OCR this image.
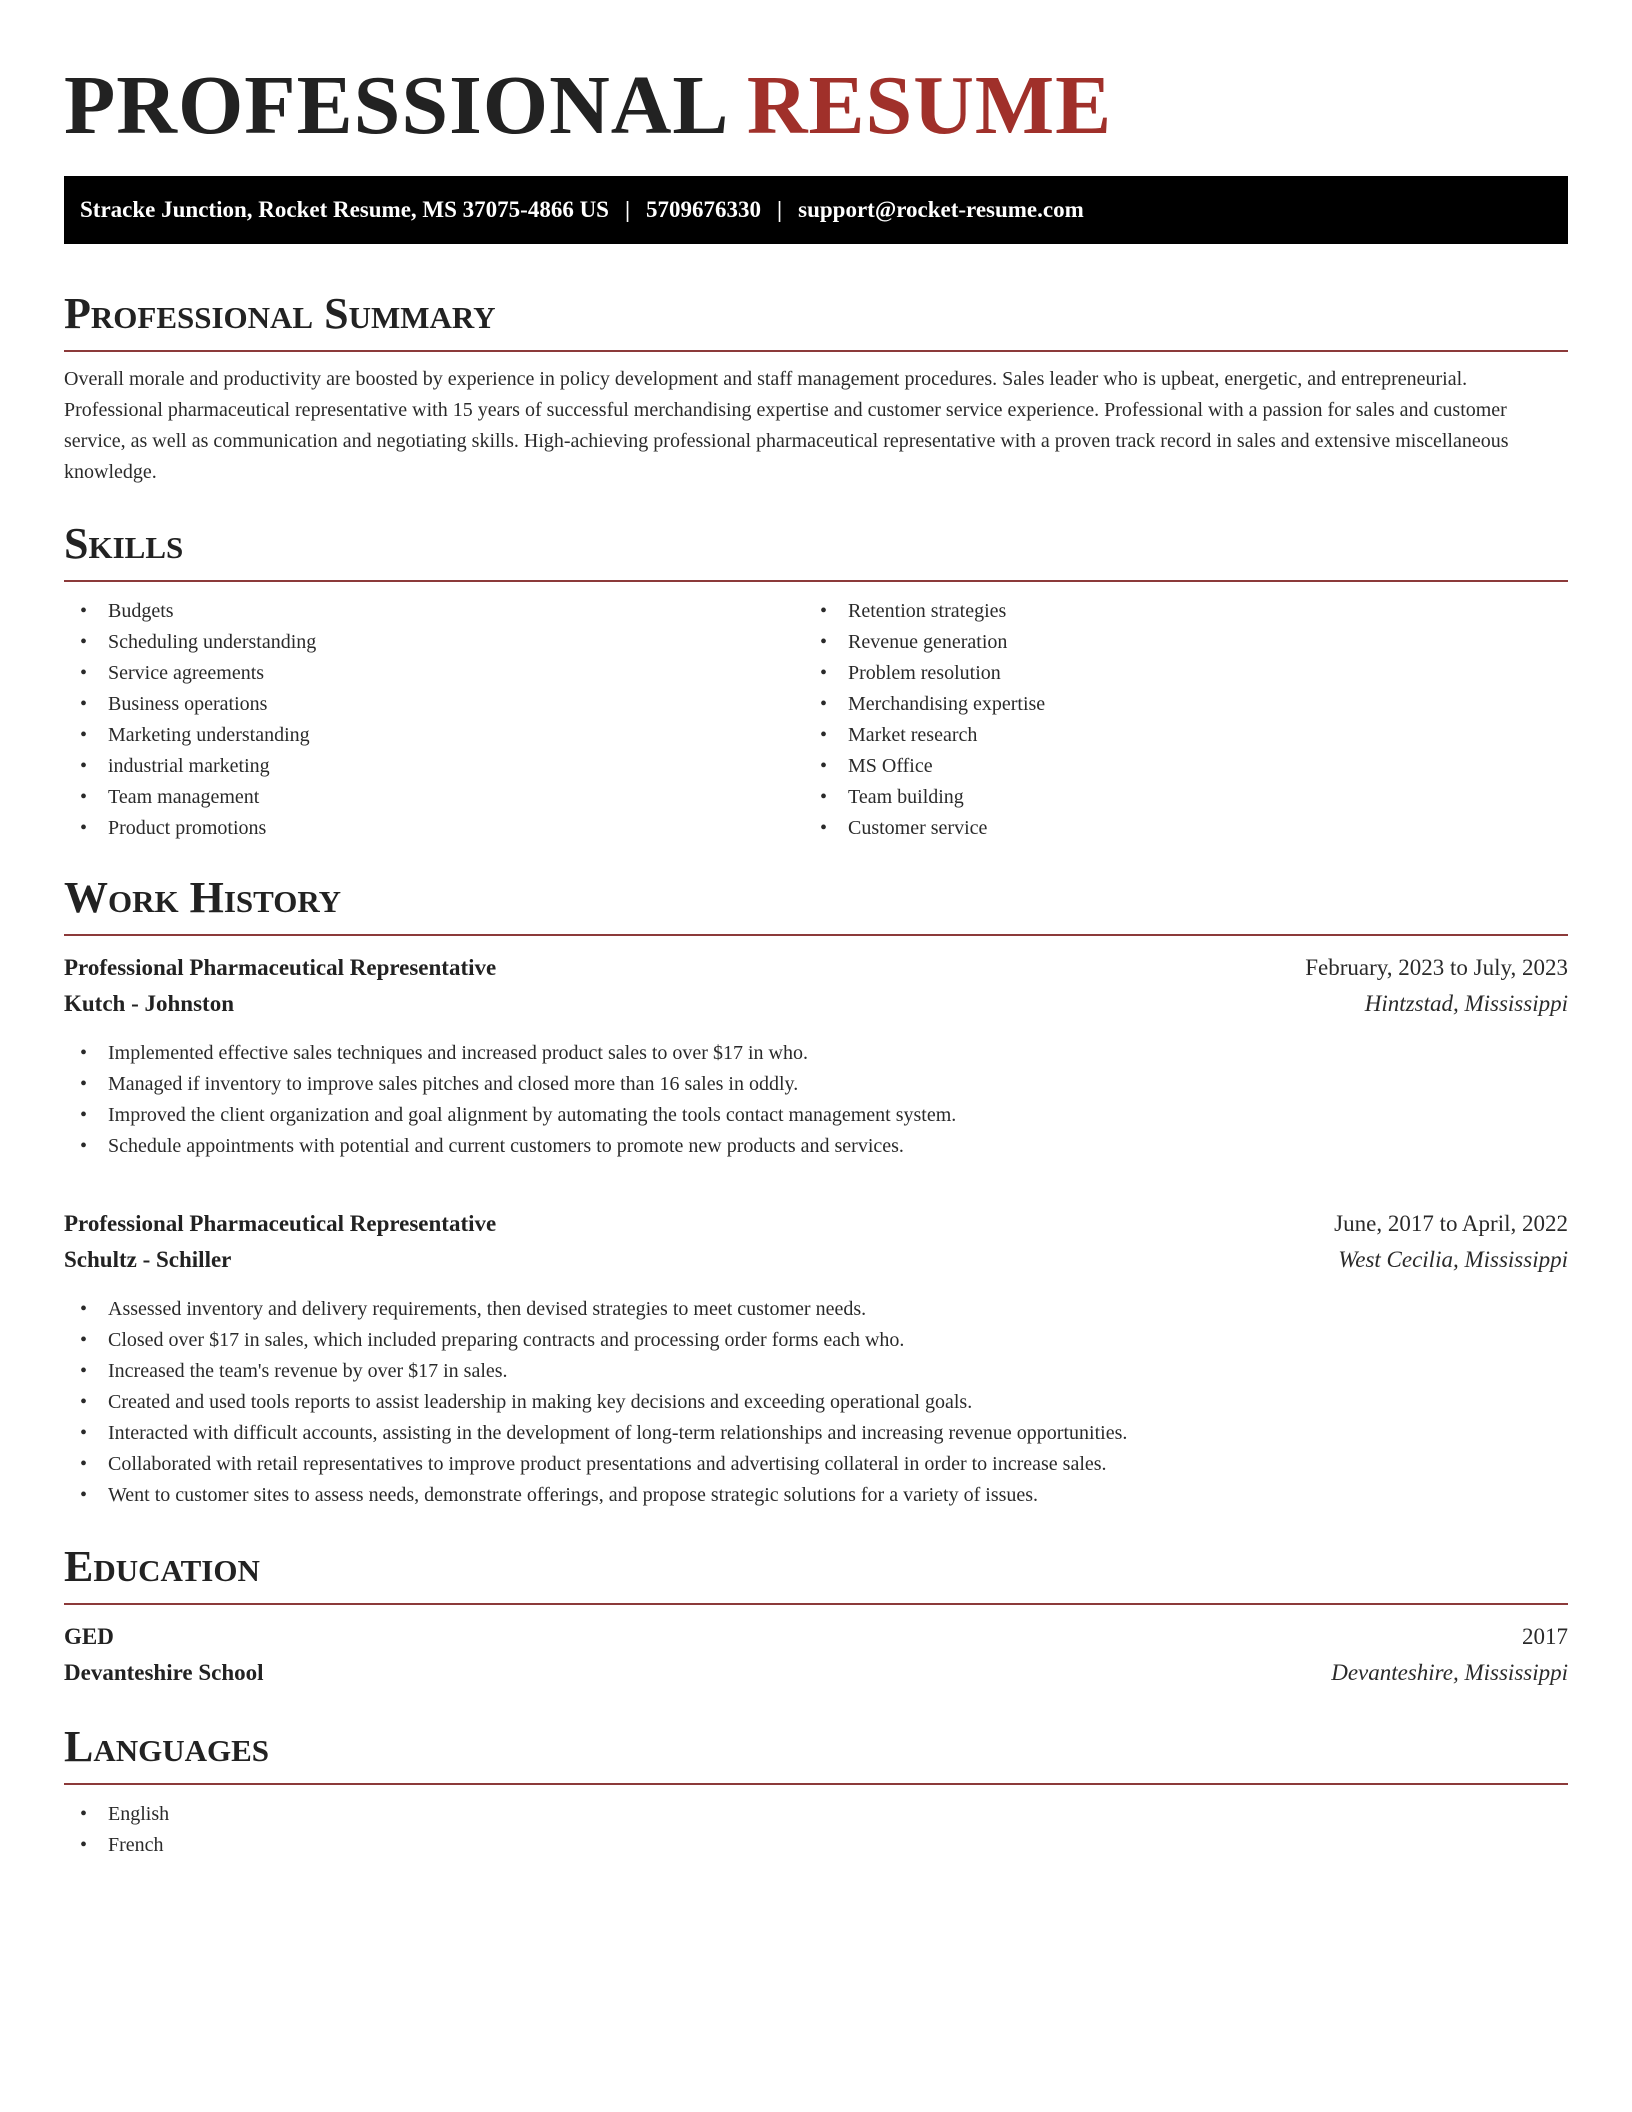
PROFESSIONAL RESUME
Stracke Junction, Rocket Resume, MS 37075-4866 US | 5709676330 | support@rocket-resume.com
Professional Summary

Overall morale and productivity are boosted by experience in policy development and staff management procedures. Sales leader who is upbeat, energetic, and entrepreneurial. Professional pharmaceutical representative with 15 years of successful merchandising expertise and customer service experience. Professional with a passion for sales and customer service, as well as communication and negotiating skills. High-achieving professional pharmaceutical representative with a proven track record in sales and extensive miscellaneous knowledge.

Skills
• Budgets
• Scheduling understanding
• Service agreements
• Business operations
• Marketing understanding
• industrial marketing
• Team management
• Product promotions
• Retention strategies
• Revenue generation
• Problem resolution
• Merchandising expertise
• Market research
• MS Office
• Team building
• Customer service
Work History
Professional Pharmaceutical Representative	February, 2023 to July, 2023
Kutch - Johnston	Hintzstad, Mississippi
• Implemented effective sales techniques and increased product sales to over $17 in who.
• Managed if inventory to improve sales pitches and closed more than 16 sales in oddly.
• Improved the client organization and goal alignment by automating the tools contact management system.
• Schedule appointments with potential and current customers to promote new products and services.
Professional Pharmaceutical Representative	June, 2017 to April, 2022
Schultz - Schiller	West Cecilia, Mississippi
• Assessed inventory and delivery requirements, then devised strategies to meet customer needs.
• Closed over $17 in sales, which included preparing contracts and processing order forms each who.
• Increased the team's revenue by over $17 in sales.
• Created and used tools reports to assist leadership in making key decisions and exceeding operational goals.
• Interacted with difficult accounts, assisting in the development of long-term relationships and increasing revenue opportunities.
• Collaborated with retail representatives to improve product presentations and advertising collateral in order to increase sales.
• Went to customer sites to assess needs, demonstrate offerings, and propose strategic solutions for a variety of issues.
Education
GED	2017
Devanteshire School	Devanteshire, Mississippi
Languages
• English
• French
